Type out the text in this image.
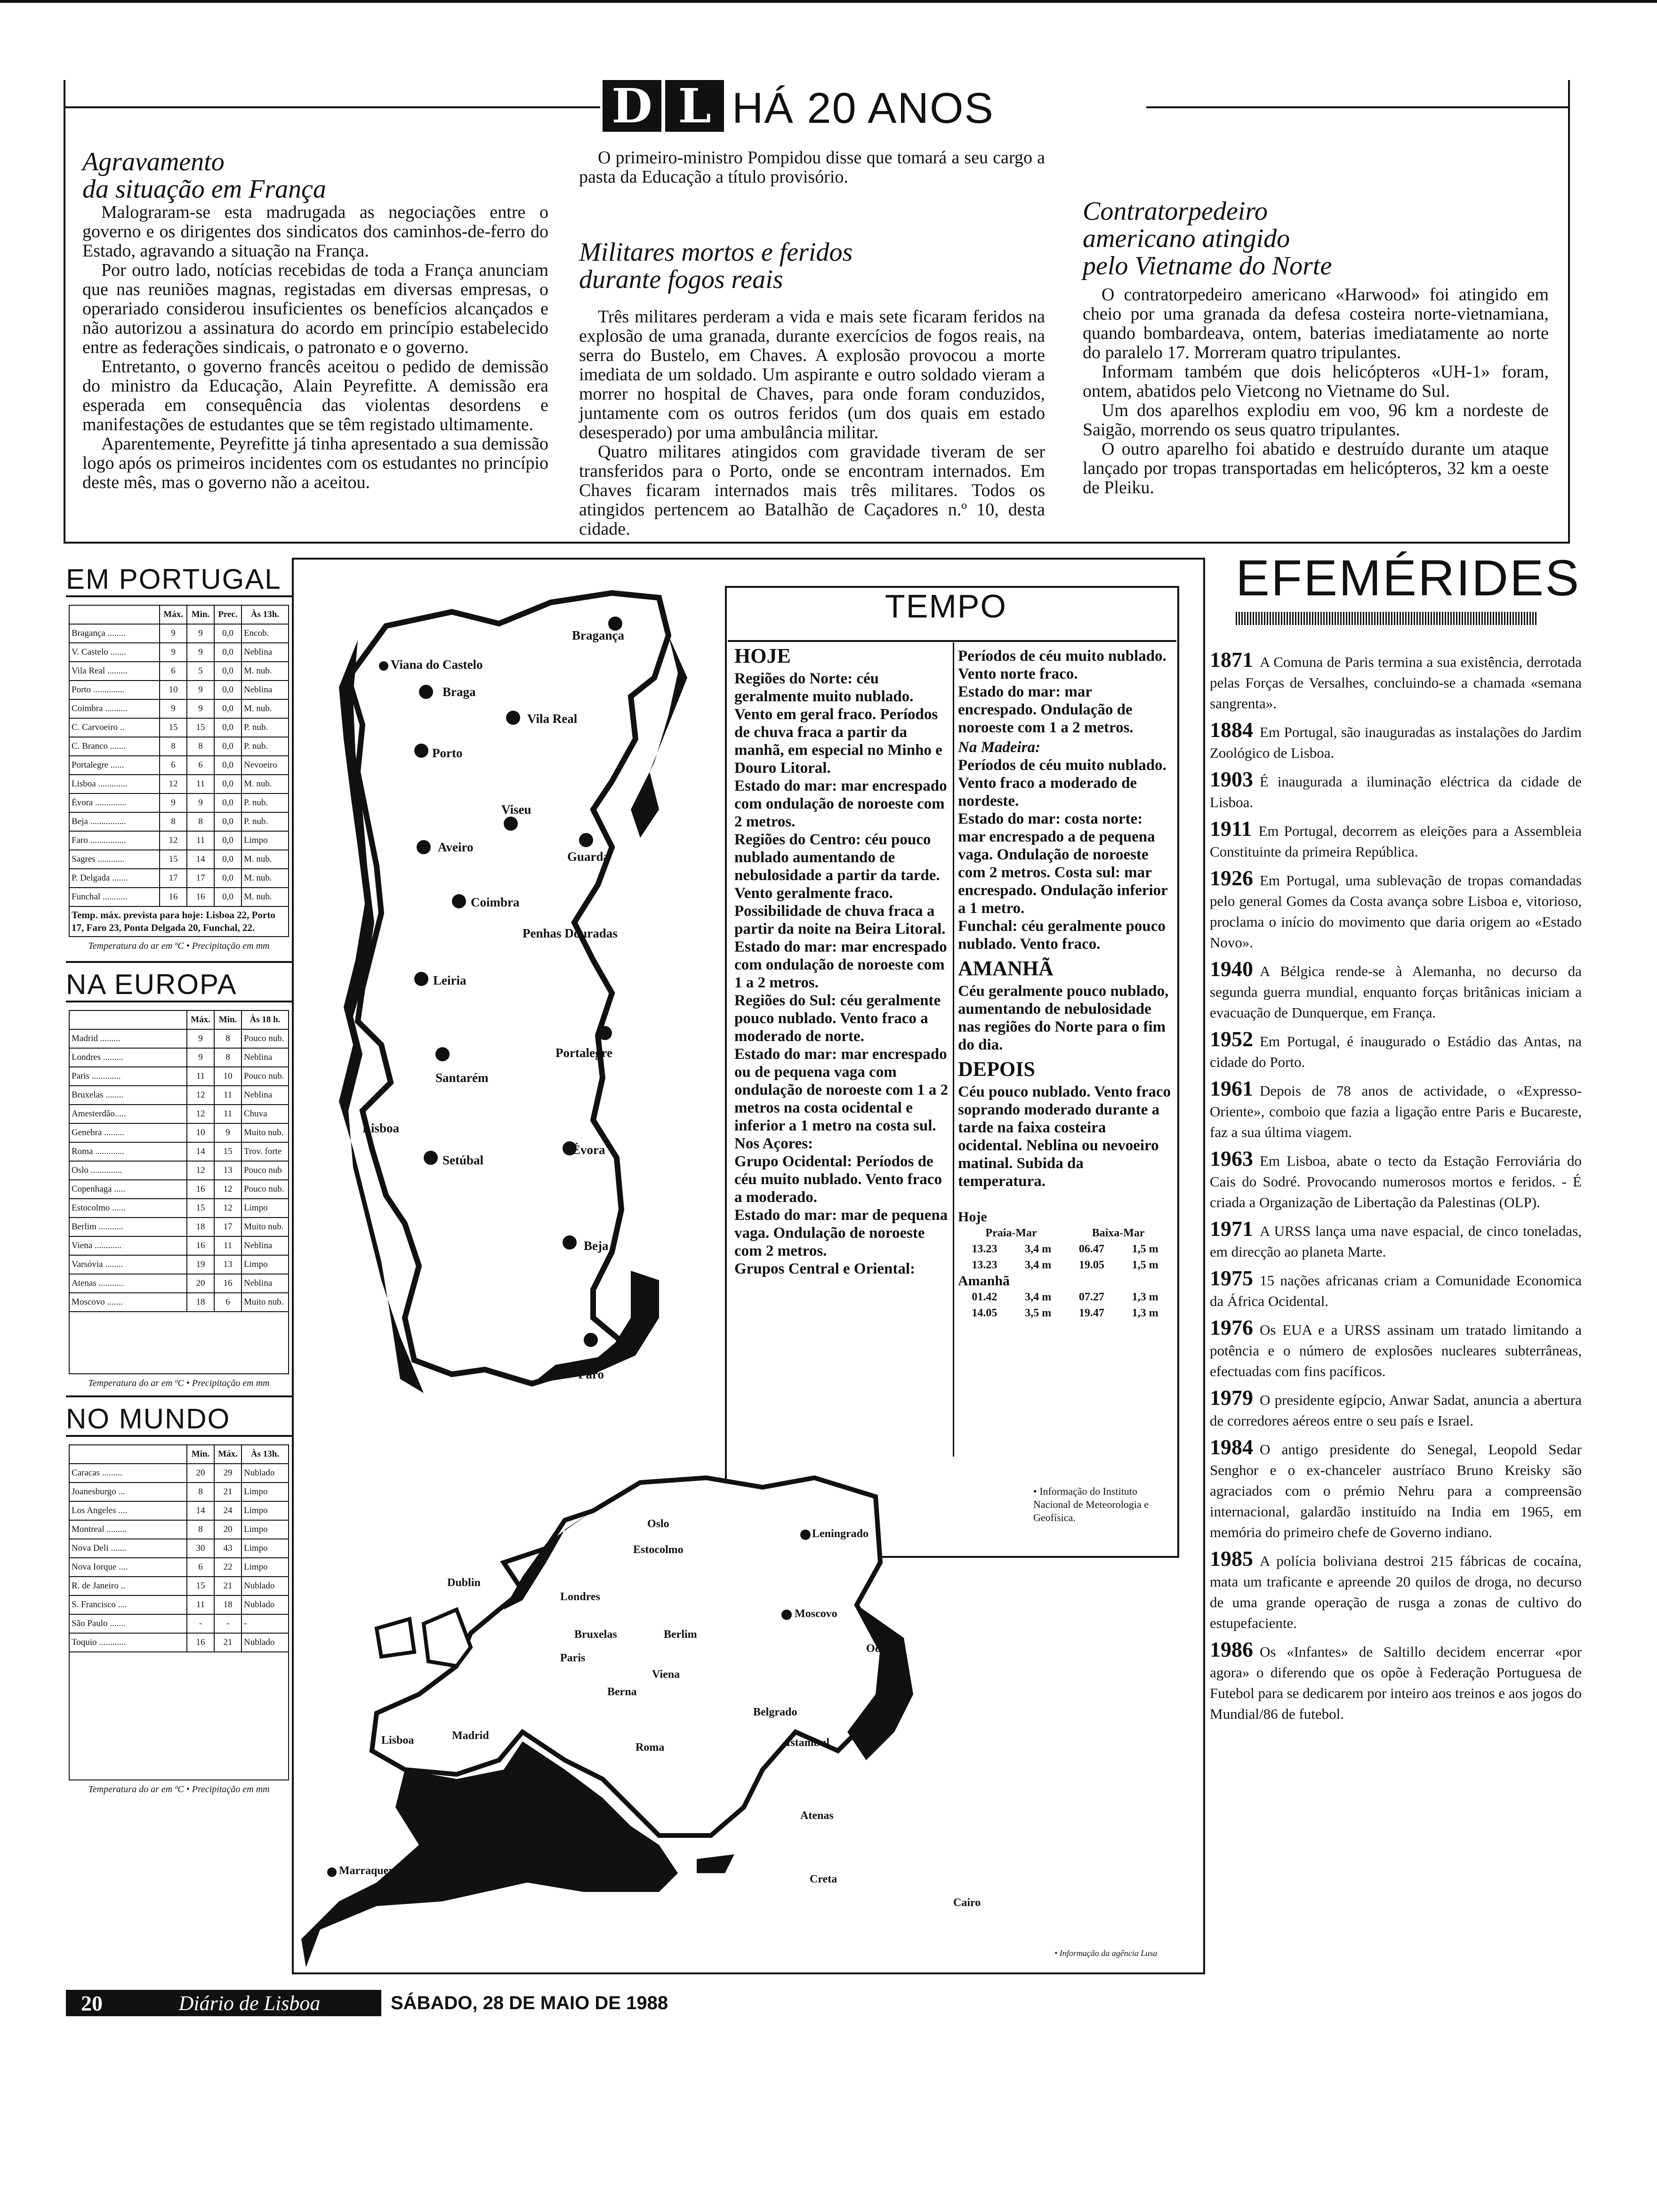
D L HÁ 20 ANOS
Agravamento
da situação em França

Malograram-se esta madrugada as negociações entre o governo e os dirigentes dos sindicatos dos caminhos-de-ferro do Estado, agravando a situação na França.

Por outro lado, notícias recebidas de toda a França anunciam que nas reuniões magnas, registadas em diversas empresas, o operariado considerou insuficientes os benefícios alcançados e não autorizou a assinatura do acordo em princípio estabelecido entre as federações sindicais, o patronato e o governo.

Entretanto, o governo francês aceitou o pedido de demissão do ministro da Educação, Alain Peyrefitte. A demissão era esperada em consequência das violentas desordens e manifestações de estudantes que se têm registado ultimamente.

Aparentemente, Peyrefitte já tinha apresentado a sua demissão logo após os primeiros incidentes com os estudantes no princípio deste mês, mas o governo não a aceitou.

O primeiro-ministro Pompidou disse que tomará a seu cargo a pasta da Educação a título provisório.

Militares mortos e feridos
durante fogos reais

Três militares perderam a vida e mais sete ficaram feridos na explosão de uma granada, durante exercícios de fogos reais, na serra do Bustelo, em Chaves. A explosão provocou a morte imediata de um soldado. Um aspirante e outro soldado vieram a morrer no hospital de Chaves, para onde foram conduzidos, juntamente com os outros feridos (um dos quais em estado desesperado) por uma ambulância militar.

Quatro militares atingidos com gravidade tiveram de ser transferidos para o Porto, onde se encontram internados. Em Chaves ficaram internados mais três militares. Todos os atingidos pertencem ao Batalhão de Caçadores n.º 10, desta cidade.

Contratorpedeiro
americano atingido
pelo Vietname do Norte

O contratorpedeiro americano «Harwood» foi atingido em cheio por uma granada da defesa costeira norte-vietnamiana, quando bombardeava, ontem, baterias imediatamente ao norte do paralelo 17. Morreram quatro tripulantes.

Informam também que dois helicópteros «UH-1» foram, ontem, abatidos pelo Vietcong no Vietname do Sul.

Um dos aparelhos explodiu em voo, 96 km a nordeste de Saigão, morrendo os seus quatro tripulantes.

O outro aparelho foi abatido e destruído durante um ataque lançado por tropas transportadas em helicópteros, 32 km a oeste de Pleiku.

EM PORTUGAL
	Máx.	Min.	Prec.	Às 13h.
Bragança ........	9	9	0,0	Encob.
V. Castelo .......	9	9	0,0	Neblina
Vila Real .........	6	5	0,0	M. nub.
Porto ..............	10	9	0,0	Neblina
Coimbra ..........	9	9	0,0	M. nub.
C. Carvoeiro ..	15	15	0,0	P. nub.
C. Branco .......	8	8	0,0	P. nub.
Portalegre ......	6	6	0,0	Nevoeiro
Lisboa .............	12	11	0,0	M. nub.
Évora ..............	9	9	0,0	P. nub.
Beja ................	8	8	0,0	P. nub.
Faro ................	12	11	0,0	Limpo
Sagres ............	15	14	0,0	M. nub.
P. Delgada .......	17	17	0,0	M. nub.
Funchal ...........	16	16	0,0	M. nub.
Temp. máx. prevista para hoje: Lisboa 22, Porto 17, Faro 23, Ponta Delgada 20, Funchal, 22.
Temperatura do ar em ºC • Precipitação em mm
NA EUROPA
	Máx.	Min.	Às 18 h.
Madrid .........	9	8	Pouco nub.
Londres .........	9	8	Neblina
Paris .............	11	10	Pouco nub.
Bruxelas ........	12	11	Neblina
Amesterdão.....	12	11	Chuva
Genebra .........	10	9	Muito nub.
Roma .............	14	15	Trov. forte
Oslo ..............	12	13	Pouco nub
Copenhaga .....	16	12	Pouco nub.
Estocolmo ......	15	12	Limpo
Berlim ...........	18	17	Muito nub.
Viena ............	16	11	Neblina
Varsóvia ........	19	13	Limpo
Atenas ...........	20	16	Neblina
Moscovo .......	18	6	Muito nub.
Temperatura do ar em ºC • Precipitação em mm
NO MUNDO
	Min.	Máx.	Às 13h.
Caracas .........	20	29	Nublado
Joanesburgo ...	8	21	Limpo
Los Angeles ....	14	24	Limpo
Montreal .........	8	20	Limpo
Nova Deli .......	30	43	Limpo
Nova Iorque ....	6	22	Limpo
R. de Janeiro ..	15	21	Nublado
S. Francisco ....	11	18	Nublado
São Paulo .......	-	-	-
Toquio ............	16	21	Nublado
Temperatura do ar em ºC • Precipitação em mm
Bragança
Viana do Castelo
Braga
Vila Real
Porto
Viseu
Aveiro
Guarda
Coimbra
Penhas Douradas
Leiria
Portalegre
Santarém
Lisboa
Setúbal
Évora
Beja
Faro
TEMPO

HOJE

Regiões do Norte: céu geralmente muito nublado. Vento em geral fraco. Períodos de chuva fraca a partir da manhã, em especial no Minho e Douro Litoral.

Estado do mar: mar encrespado com ondulação de noroeste com 2 metros.

Regiões do Centro: céu pouco nublado aumentando de nebulosidade a partir da tarde. Vento geralmente fraco. Possibilidade de chuva fraca a partir da noite na Beira Litoral.

Estado do mar: mar encrespado com ondulação de noroeste com 1 a 2 metros.

Regiões do Sul: céu geralmente pouco nublado. Vento fraco a moderado de norte.

Estado do mar: mar encrespado ou de pequena vaga com ondulação de noroeste com 1 a 2 metros na costa ocidental e inferior a 1 metro na costa sul.

Nos Açores:

Grupo Ocidental: Períodos de céu muito nublado. Vento fraco a moderado.

Estado do mar: mar de pequena vaga. Ondulação de noroeste com 2 metros.

Grupos Central e Oriental:

Períodos de céu muito nublado. Vento norte fraco.

Estado do mar: mar encrespado. Ondulação de noroeste com 1 a 2 metros.

Na Madeira:

Períodos de céu muito nublado. Vento fraco a moderado de nordeste.

Estado do mar: costa norte: mar encrespado a de pequena vaga. Ondulação de noroeste com 2 metros. Costa sul: mar encrespado. Ondulação inferior a 1 metro.

Funchal: céu geralmente pouco nublado. Vento fraco.

AMANHÃ

Céu geralmente pouco nublado, aumentando de nebulosidade nas regiões do Norte para o fim do dia.

DEPOIS

Céu pouco nublado. Vento fraco soprando moderado durante a tarde na faixa costeira ocidental. Neblina ou nevoeiro matinal. Subida da temperatura.

Hoje
Praia-Mar	Baixa-Mar
13.23 3,4 m 06.47 1,5 m
13.23 3,4 m 19.05 1,5 m
Amanhã
01.42 3,4 m 07.27 1,3 m
14.05 3,5 m 19.47 1,3 m
• Informação do Instituto Nacional de Meteorologia e Geofísica.
Leningrado
Oslo
Estocolmo
Dublin
Londres
Moscovo
Bruxelas	Berlim
Odessa
Paris
Viena
Berna
Belgrado
Lisboa	Madrid
Roma	Istambul
Atenas
Sicília
Marraquexe
Creta
Cairo
• Informação da agência Lusa
EFEMÉRIDES

1871 A Comuna de Paris termina a sua existência, derrotada pelas Forças de Versalhes, concluindo-se a chamada «semana sangrenta».

1884 Em Portugal, são inauguradas as instalações do Jardim Zoológico de Lisboa.

1903 É inaugurada a iluminação eléctrica da cidade de Lisboa.

1911 Em Portugal, decorrem as eleições para a Assembleia Constituinte da primeira República.

1926 Em Portugal, uma sublevação de tropas comandadas pelo general Gomes da Costa avança sobre Lisboa e, vitorioso, proclama o início do movimento que daria origem ao «Estado Novo».

1940 A Bélgica rende-se à Alemanha, no decurso da segunda guerra mundial, enquanto forças britânicas iniciam a evacuação de Dunquerque, em França.

1952 Em Portugal, é inaugurado o Estádio das Antas, na cidade do Porto.

1961 Depois de 78 anos de actividade, o «Expresso-Oriente», comboio que fazia a ligação entre Paris e Bucareste, faz a sua última viagem.

1963 Em Lisboa, abate o tecto da Estação Ferroviária do Cais do Sodré. Provocando numerosos mortos e feridos. - É criada a Organização de Libertação da Palestinas (OLP).

1971 A URSS lança uma nave espacial, de cinco toneladas, em direcção ao planeta Marte.

1975 15 nações africanas criam a Comunidade Economica da África Ocidental.

1976 Os EUA e a URSS assinam um tratado limitando a potência e o número de explosões nucleares subterrâneas, efectuadas com fins pacíficos.

1979 O presidente egípcio, Anwar Sadat, anuncia a abertura de corredores aéreos entre o seu país e Israel.

1984 O antigo presidente do Senegal, Leopold Sedar Senghor e o ex-chanceler austríaco Bruno Kreisky são agraciados com o prémio Nehru para a compreensão internacional, galardão instituído na India em 1965, em memória do primeiro chefe de Governo indiano.

1985 A polícia boliviana destroi 215 fábricas de cocaína, mata um traficante e apreende 20 quilos de droga, no decurso de uma grande operação de rusga a zonas de cultivo do estupefaciente.

1986 Os «Infantes» de Saltillo decidem encerrar «por agora» o diferendo que os opõe à Federação Portuguesa de Futebol para se dedicarem por inteiro aos treinos e aos jogos do Mundial/86 de futebol.

20	Diário de Lisboa	SÁBADO, 28 DE MAIO DE 1988
